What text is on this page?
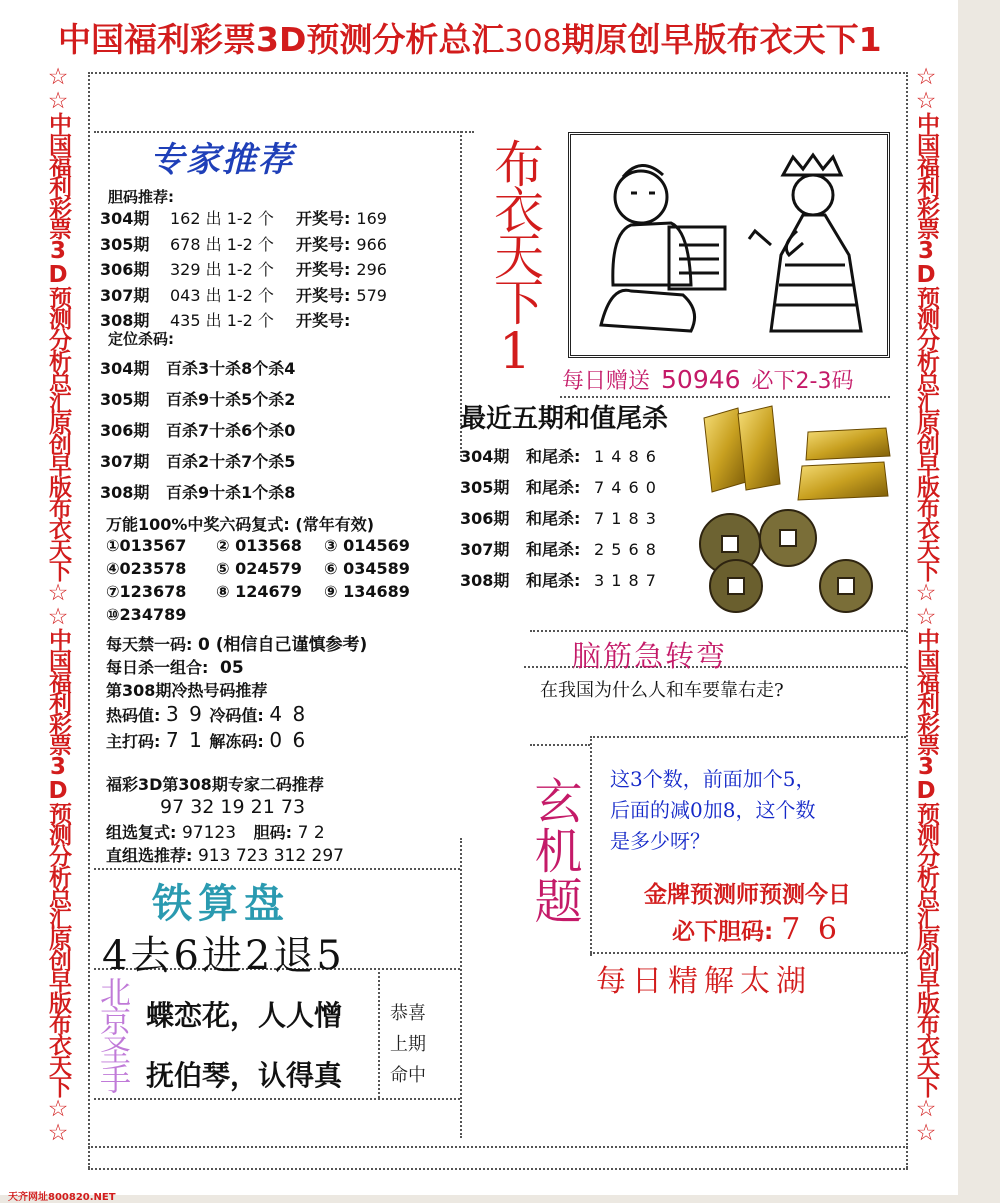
中国福利彩票3D预测分析总汇308期原创早版布衣天下1
☆☆中国福利彩票3D预测分析总汇原创早版布衣天下☆☆中国福利彩票3D预测分析总汇原创早版布衣天下☆☆	☆☆中国福利彩票3D预测分析总汇原创早版布衣天下☆☆中国福利彩票3D预测分析总汇原创早版布衣天下☆☆
专家推荐
胆码推荐:
304期 162 出 1-2 个 开奖号: 169
305期 678 出 1-2 个 开奖号: 966
306期 329 出 1-2 个 开奖号: 296
307期 043 出 1-2 个 开奖号: 579
308期 435 出 1-2 个 开奖号:
定位杀码:
304期 百杀3十杀8个杀4
305期 百杀9十杀5个杀2
306期 百杀7十杀6个杀0
307期 百杀2十杀7个杀5
308期 百杀9十杀1个杀8
万能100%中奖六码复式: (常年有效)
①013567 ② 013568 ③ 014569
④023578 ⑤ 024579 ⑥ 034589
⑦123678 ⑧ 124679 ⑨ 134689
⑩234789
每天禁一码: 0 (相信自己谨慎参考)
每日杀一组合: 05
第308期冷热号码推荐
热码值: 3 9 冷码值: 4 8
主打码: 7 1 解冻码: 0 6
福彩3D第308期专家二码推荐
97 32 19 21 73
组选复式: 97123 胆码: 7 2
直组选推荐: 913 723 312 297
布衣天下1
每日赠送 50946 必下2-3码
最近五期和值尾杀
304期 和尾杀: 1 4 8 6
305期 和尾杀: 7 4 6 0
306期 和尾杀: 7 1 8 3
307期 和尾杀: 2 5 6 8
308期 和尾杀: 3 1 8 7
脑筋急转弯
在我国为什么人和车要靠右走?
玄机题 这3个数，前面加个5，
后面的减0加8，这个数
是多少呀？
金牌预测师预测今日
必下胆码: 7 6
每日精解太湖
铁算盘
4去6进2退5
北京圣手 蝶恋花，人人憎
抚伯琴，认得真
恭喜
上期
命中
天齐网址800820.NET
